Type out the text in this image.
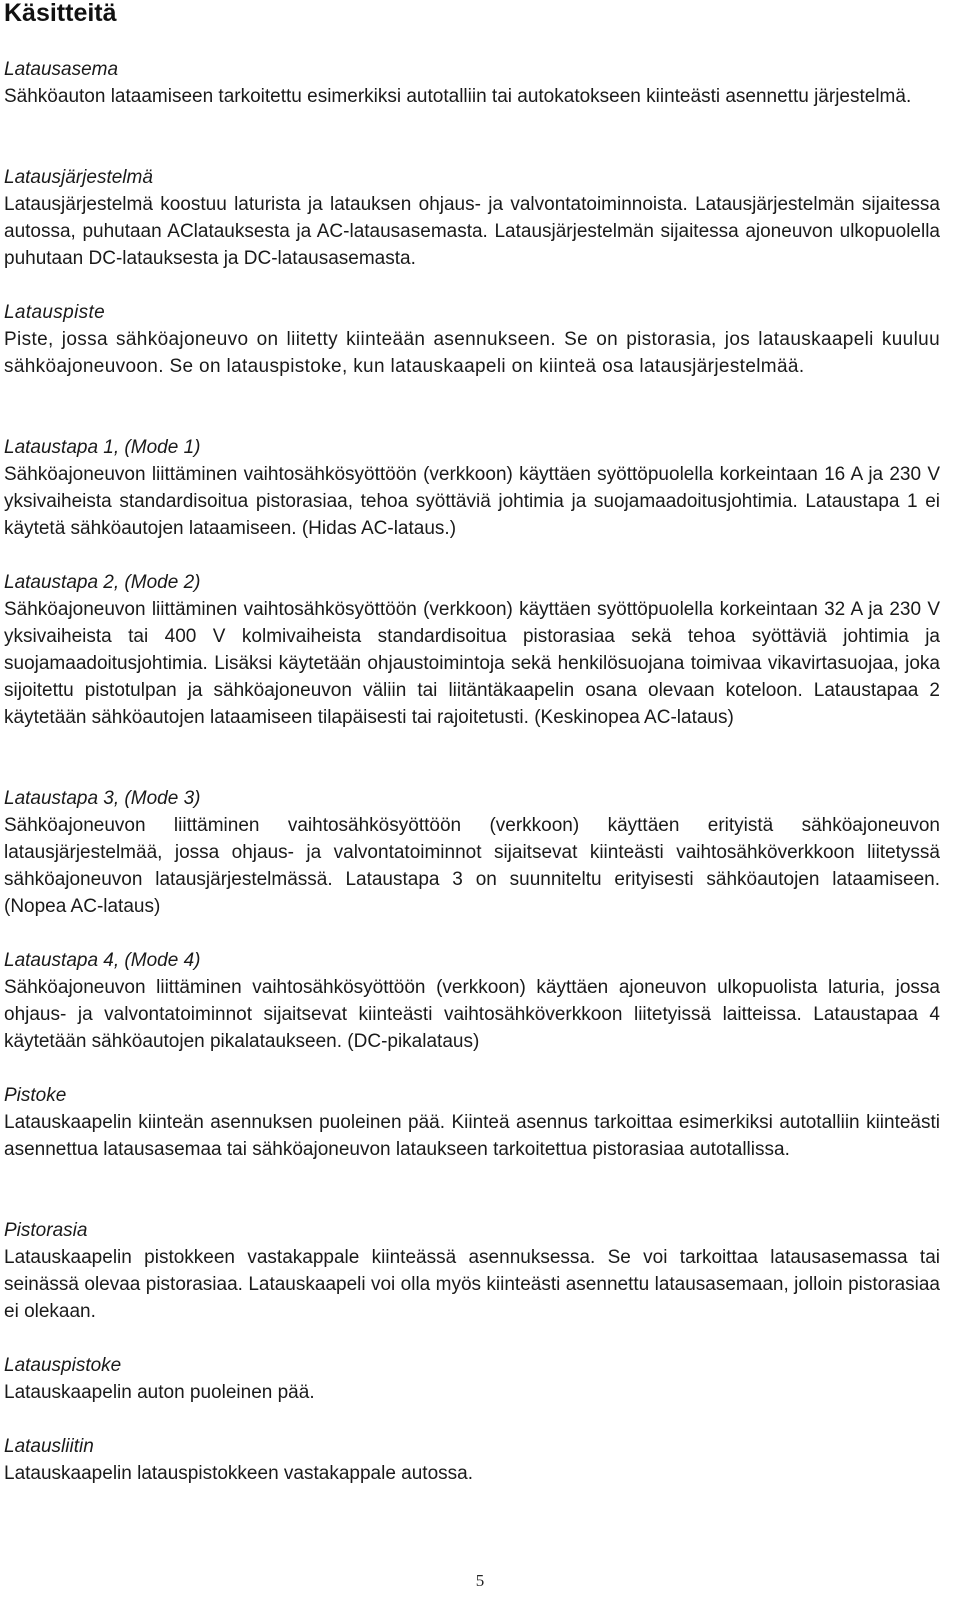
Käsitteitä
Latausasema
Sähköauton lataamiseen tarkoitettu esimerkiksi autotalliin tai autokatokseen kiinteästi asennettu järjestelmä.
Latausjärjestelmä
Latausjärjestelmä koostuu laturista ja latauksen ohjaus- ja valvontatoiminnoista. Latausjärjestelmän sijaitessa autossa, puhutaan AClatauksesta ja AC-latausasemasta. Latausjärjestelmän sijaitessa ajoneuvon ulkopuolella puhutaan DC-latauksesta ja DC-latausasemasta.
Latauspiste
Piste, jossa sähköajoneuvo on liitetty kiinteään asennukseen. Se on pistorasia, jos latauskaapeli kuuluu sähköajoneuvoon. Se on latauspistoke, kun latauskaapeli on kiinteä osa latausjärjestelmää.
Lataustapa 1, (Mode 1)
Sähköajoneuvon liittäminen vaihtosähkösyöttöön (verkkoon) käyttäen syöttöpuolella korkeintaan 16 A ja 230 V yksivaiheista standardisoitua pistorasiaa, tehoa syöttäviä johtimia ja suojamaadoitusjohtimia. Lataustapa 1 ei käytetä sähköautojen lataamiseen. (Hidas AC-lataus.)
Lataustapa 2, (Mode 2)
Sähköajoneuvon liittäminen vaihtosähkösyöttöön (verkkoon) käyttäen syöttöpuolella korkeintaan 32 A ja 230 V yksivaiheista tai 400 V kolmivaiheista standardisoitua pistorasiaa sekä tehoa syöttäviä johtimia ja suojamaadoitusjohtimia. Lisäksi käytetään ohjaustoimintoja sekä henkilösuojana toimivaa vikavirtasuojaa, joka sijoitettu pistotulpan ja sähköajoneuvon väliin tai liitäntäkaapelin osana olevaan koteloon. Lataustapaa 2 käytetään sähköautojen lataamiseen tilapäisesti tai rajoitetusti. (Keskinopea AC-lataus)
Lataustapa 3, (Mode 3)
Sähköajoneuvon liittäminen vaihtosähkösyöttöön (verkkoon) käyttäen erityistä sähköajoneuvon latausjärjestelmää, jossa ohjaus- ja valvontatoiminnot sijaitsevat kiinteästi vaihtosähköverkkoon liitetyssä sähköajoneuvon latausjärjestelmässä. Lataustapa 3 on suunniteltu erityisesti sähköautojen lataamiseen. (Nopea AC-lataus)
Lataustapa 4, (Mode 4)
Sähköajoneuvon liittäminen vaihtosähkösyöttöön (verkkoon) käyttäen ajoneuvon ulkopuolista laturia, jossa ohjaus- ja valvontatoiminnot sijaitsevat kiinteästi vaihtosähköverkkoon liitetyissä laitteissa. Lataustapaa 4 käytetään sähköautojen pikalataukseen. (DC-pikalataus)
Pistoke
Latauskaapelin kiinteän asennuksen puoleinen pää. Kiinteä asennus tarkoittaa esimerkiksi autotalliin kiinteästi asennettua latausasemaa tai sähköajoneuvon lataukseen tarkoitettua pistorasiaa autotallissa.
Pistorasia
Latauskaapelin pistokkeen vastakappale kiinteässä asennuksessa. Se voi tarkoittaa latausasemassa tai seinässä olevaa pistorasiaa. Latauskaapeli voi olla myös kiinteästi asennettu latausasemaan, jolloin pistorasiaa ei olekaan.
Latauspistoke
Latauskaapelin auton puoleinen pää.
Latausliitin
Latauskaapelin latauspistokkeen vastakappale autossa.
5
